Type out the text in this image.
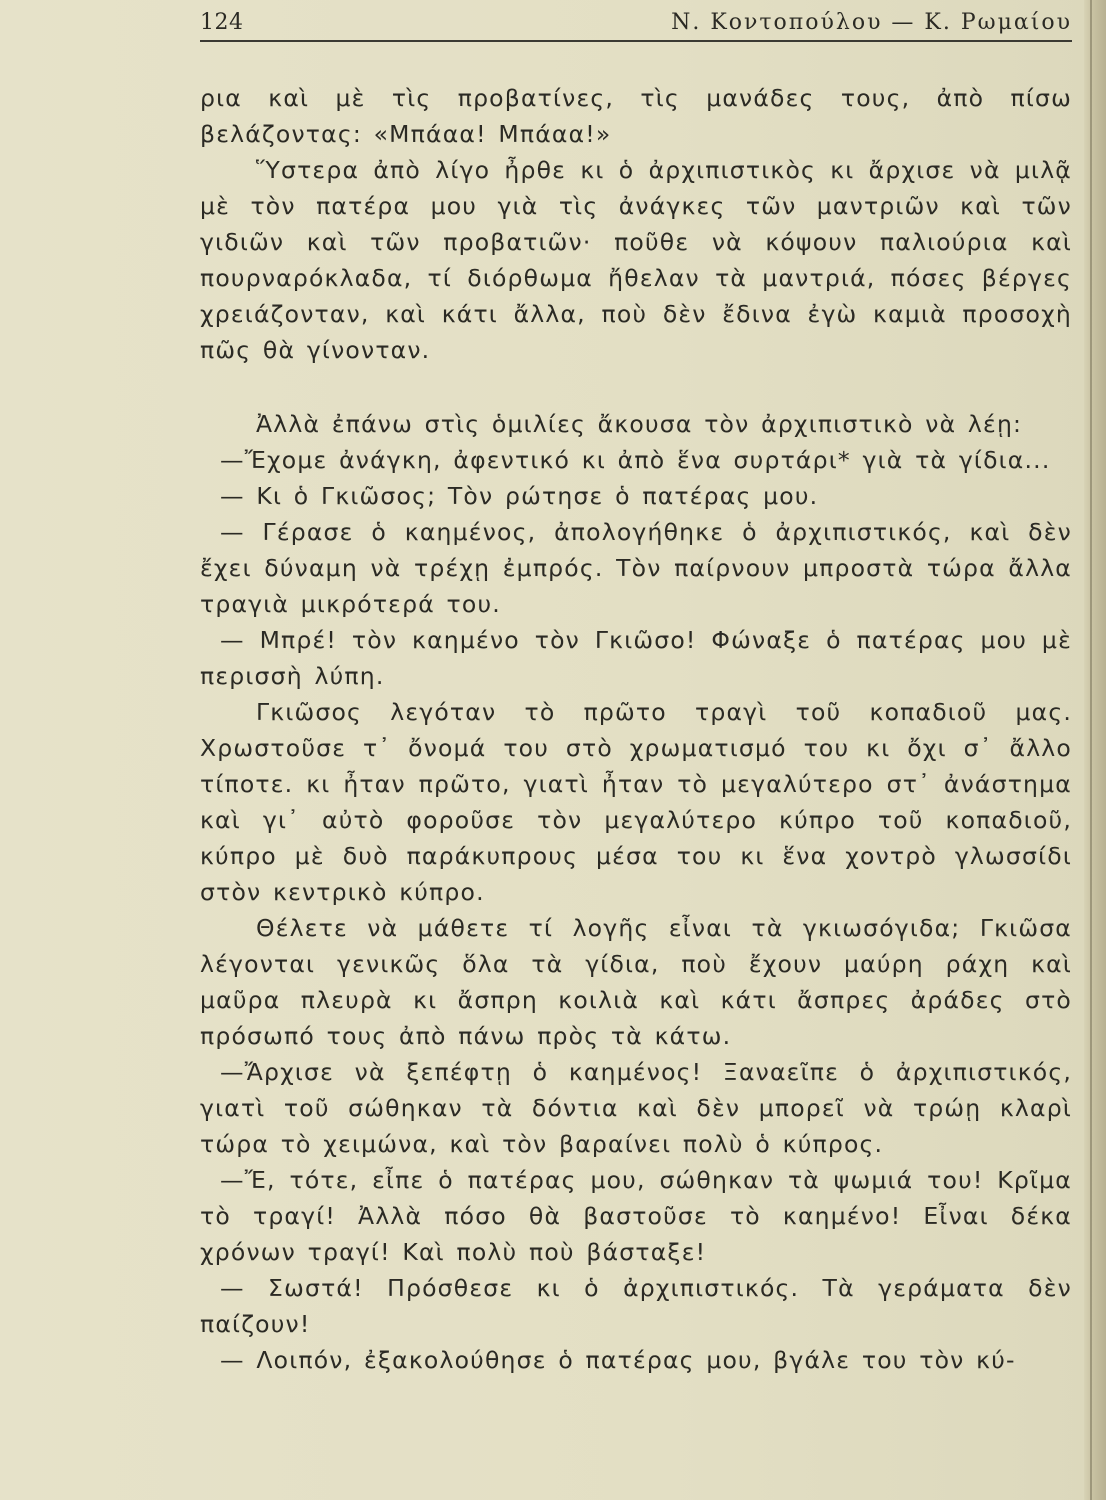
124	Ν. Κοντοπούλου — Κ. Ρωμαίου

ρια καὶ μὲ τὶς προβατίνες, τὶς μανάδες τους, ἀπὸ πίσω βελάζοντας: «Μπάαα! Μπάαα!»

Ὕστερα ἀπὸ λίγο ἦρθε κι ὁ ἀρχιπιστικὸς κι ἄρχισε νὰ μιλᾷ μὲ τὸν πατέρα μου γιὰ τὶς ἀνάγκες τῶν μαντριῶν καὶ τῶν γιδιῶν καὶ τῶν προβατιῶν· ποῦθε νὰ κόψουν παλιούρια καὶ πουρναρόκλαδα, τί διόρθωμα ἤθελαν τὰ μαντριά, πόσες βέργες χρειάζονταν, καὶ κάτι ἄλλα, ποὺ δὲν ἔδινα ἐγὼ καμιὰ προσοχὴ πῶς θὰ γίνονταν.

Ἀλλὰ ἐπάνω στὶς ὁμιλίες ἄκουσα τὸν ἀρχιπιστικὸ νὰ λέῃ:

—Ἔχομε ἀνάγκη, ἀφεντικό κι ἀπὸ ἕνα συρτάρι* γιὰ τὰ γίδια...

— Κι ὁ Γκιῶσος; Τὸν ρώτησε ὁ πατέρας μου.

— Γέρασε ὁ καημένος, ἀπολογήθηκε ὁ ἀρχιπιστικός, καὶ δὲν ἔχει δύναμη νὰ τρέχῃ ἐμπρός. Τὸν παίρνουν μπροστὰ τώρα ἄλλα τραγιὰ μικρότερά του.

— Μπρέ! τὸν καημένο τὸν Γκιῶσο! Φώναξε ὁ πατέρας μου μὲ περισσὴ λύπη.

Γκιῶσος λεγόταν τὸ πρῶτο τραγὶ τοῦ κοπαδιοῦ μας. Χρωστοῦσε τ᾽ ὄνομά του στὸ χρωματισμό του κι ὄχι σ᾽ ἄλλο τίποτε. κι ἦταν πρῶτο, γιατὶ ἦταν τὸ μεγαλύτερο στ᾽ ἀνάστημα καὶ γι᾽ αὐτὸ φοροῦσε τὸν μεγαλύτερο κύπρο τοῦ κοπαδιοῦ, κύπρο μὲ δυὸ παράκυπρους μέσα του κι ἕνα χοντρὸ γλωσσίδι στὸν κεντρικὸ κύπρο.

Θέλετε νὰ μάθετε τί λογῆς εἶναι τὰ γκιωσόγιδα; Γκιῶσα λέγονται γενικῶς ὅλα τὰ γίδια, ποὺ ἔχουν μαύρη ράχη καὶ μαῦρα πλευρὰ κι ἄσπρη κοιλιὰ καὶ κάτι ἄσπρες ἀράδες στὸ πρόσωπό τους ἀπὸ πάνω πρὸς τὰ κάτω.

—Ἄρχισε νὰ ξεπέφτῃ ὁ καημένος! Ξαναεῖπε ὁ ἀρχιπιστικός, γιατὶ τοῦ σώθηκαν τὰ δόντια καὶ δὲν μπορεῖ νὰ τρώῃ κλαρὶ τώρα τὸ χειμώνα, καὶ τὸν βαραίνει πολὺ ὁ κύπρος.

—Ἔ, τότε, εἶπε ὁ πατέρας μου, σώθηκαν τὰ ψωμιά του! Κρῖμα τὸ τραγί! Ἀλλὰ πόσο θὰ βαστοῦσε τὸ καημένο! Εἶναι δέκα χρόνων τραγί! Καὶ πολὺ ποὺ βάσταξε!

— Σωστά! Πρόσθεσε κι ὁ ἀρχιπιστικός. Τὰ γεράματα δὲν παίζουν!

— Λοιπόν, ἐξακολούθησε ὁ πατέρας μου, βγάλε του τὸν κύ-
